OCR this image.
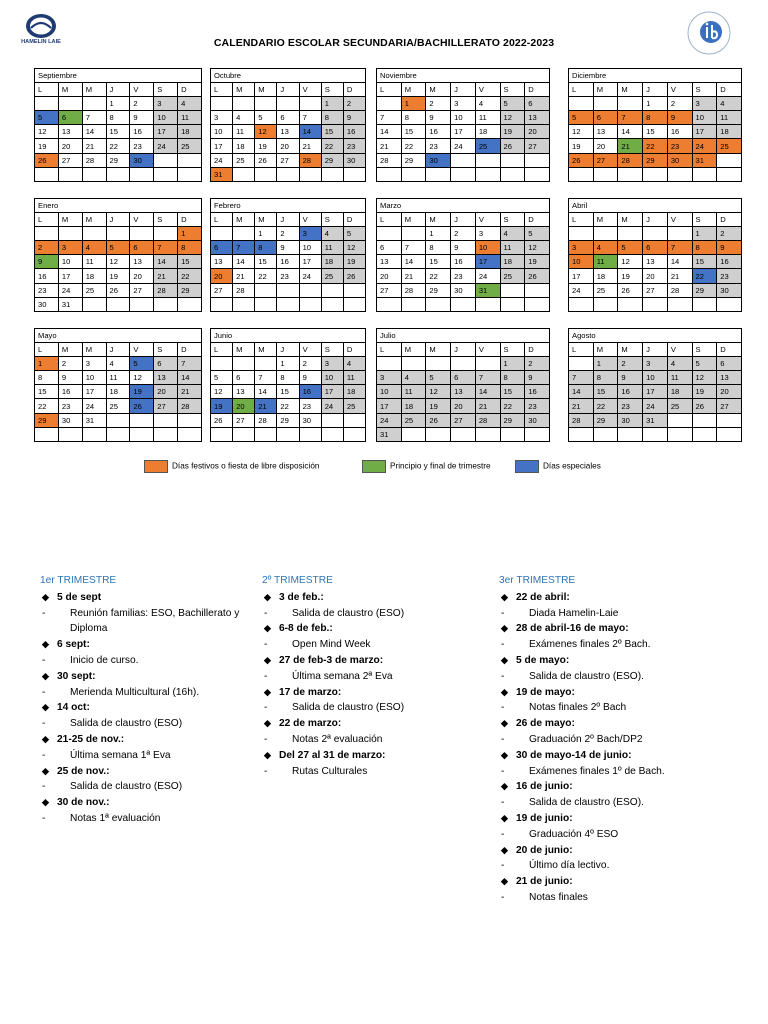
HAMELIN LAIE	CALENDARIO ESCOLAR SECUNDARIA/BACHILLERATO 2022-2023
Septiembre						
L	M	M	J	V	S	D
			1	2	3	4
5	6	7	8	9	10	11
12	13	14	15	16	17	18
19	20	21	22	23	24	25
26	27	28	29	30		

Octubre						
L	M	M	J	V	S	D
					1	2
3	4	5	6	7	8	9
10	11	12	13	14	15	16
17	18	19	20	21	22	23
24	25	26	27	28	29	30
31						
Noviembre						
L	M	M	J	V	S	D
	1	2	3	4	5	6
7	8	9	10	11	12	13
14	15	16	17	18	19	20
21	22	23	24	25	26	27
28	29	30				

Diciembre						
L	M	M	J	V	S	D
			1	2	3	4
5	6	7	8	9	10	11
12	13	14	15	16	17	18
19	20	21	22	23	24	25
26	27	28	29	30	31	

Enero						
L	M	M	J	V	S	D
						1
2	3	4	5	6	7	8
9	10	11	12	13	14	15
16	17	18	19	20	21	22
23	24	25	26	27	28	29
30	31					
Febrero						
L	M	M	J	V	S	D
		1	2	3	4	5
6	7	8	9	10	11	12
13	14	15	16	17	18	19
20	21	22	23	24	25	26
27	28					

Marzo						
L	M	M	J	V	S	D
		1	2	3	4	5
6	7	8	9	10	11	12
13	14	15	16	17	18	19
20	21	22	23	24	25	26
27	28	29	30	31		

Abril						
L	M	M	J	V	S	D
					1	2
3	4	5	6	7	8	9
10	11	12	13	14	15	16
17	18	19	20	21	22	23
24	25	26	27	28	29	30

Mayo						
L	M	M	J	V	S	D
1	2	3	4	5	6	7
8	9	10	11	12	13	14
15	16	17	18	19	20	21
22	23	24	25	26	27	28
29	30	31				

Junio						
L	M	M	J	V	S	D
			1	2	3	4
5	6	7	8	9	10	11
12	13	14	15	16	17	18
19	20	21	22	23	24	25
26	27	28	29	30		

Julio						
L	M	M	J	V	S	D
					1	2
3	4	5	6	7	8	9
10	11	12	13	14	15	16
17	18	19	20	21	22	23
24	25	26	27	28	29	30
31						
Agosto						
L	M	M	J	V	S	D
	1	2	3	4	5	6
7	8	9	10	11	12	13
14	15	16	17	18	19	20
21	22	23	24	25	26	27
28	29	30	31			

Días festivos o fiesta de libre disposición	Principio y final de trimestre	Días especiales
1er TRIMESTRE
◆ 5 de sept
- Reunión familias: ESO, Bachillerato y Diploma
◆ 6 sept:
- Inicio de curso.
◆ 30 sept:
- Merienda Multicultural (16h).
◆ 14 oct:
- Salida de claustro (ESO)
◆ 21-25 de nov.:
- Última semana 1ª Eva
◆ 25 de nov.:
- Salida de claustro (ESO)
◆ 30 de nov.:
- Notas 1ª evaluación
2º TRIMESTRE
◆ 3 de feb.:
- Salida de claustro (ESO)
◆ 6-8 de feb.:
- Open Mind Week
◆ 27 de feb-3 de marzo:
- Última semana 2ª Eva
◆ 17 de marzo:
- Salida de claustro (ESO)
◆ 22 de marzo:
- Notas 2ª evaluación
◆ Del 27 al 31 de marzo:
- Rutas Culturales
3er TRIMESTRE
◆ 22 de abril:
- Diada Hamelin-Laie
◆ 28 de abril-16 de mayo:
- Exámenes finales 2º Bach.
◆ 5 de mayo:
- Salida de claustro (ESO).
◆ 19 de mayo:
- Notas finales 2º Bach
◆ 26 de mayo:
- Graduación 2º Bach/DP2
◆ 30 de mayo-14 de junio:
- Exámenes finales 1º de Bach.
◆ 16 de junio:
- Salida de claustro (ESO).
◆ 19 de junio:
- Graduación 4º ESO
◆ 20 de junio:
- Último día lectivo.
◆ 21 de junio:
- Notas finales
